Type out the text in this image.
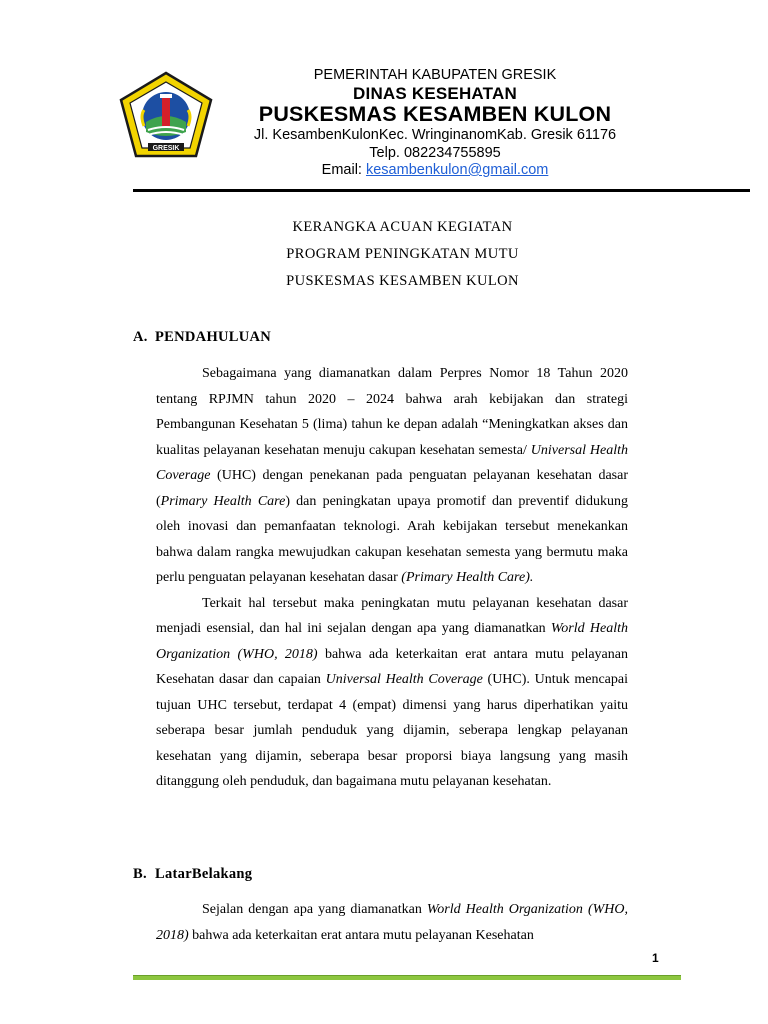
GRESIK
PEMERINTAH KABUPATEN GRESIK
DINAS KESEHATAN
PUSKESMAS KESAMBEN KULON
Jl. KesambenKulonKec. WringinanomKab. Gresik 61176
Telp. 082234755895
Email: kesambenkulon@gmail.com
KERANGKA ACUAN KEGIATAN
PROGRAM PENINGKATAN MUTU
PUSKESMAS KESAMBEN KULON
A. PENDAHULUAN

Sebagaimana yang diamanatkan dalam Perpres Nomor 18 Tahun 2020 tentang RPJMN tahun 2020 – 2024 bahwa arah kebijakan dan strategi Pembangunan Kesehatan 5 (lima) tahun ke depan adalah “Meningkatkan akses dan kualitas pelayanan kesehatan menuju cakupan kesehatan semesta/ Universal Health Coverage (UHC) dengan penekanan pada penguatan pelayanan kesehatan dasar (Primary Health Care) dan peningkatan upaya promotif dan preventif didukung oleh inovasi dan pemanfaatan teknologi. Arah kebijakan tersebut menekankan bahwa dalam rangka mewujudkan cakupan kesehatan semesta yang bermutu maka perlu penguatan pelayanan kesehatan dasar (Primary Health Care).

Terkait hal tersebut maka peningkatan mutu pelayanan kesehatan dasar menjadi esensial, dan hal ini sejalan dengan apa yang diamanatkan World Health Organization (WHO, 2018) bahwa ada keterkaitan erat antara mutu pelayanan Kesehatan dasar dan capaian Universal Health Coverage (UHC). Untuk mencapai tujuan UHC tersebut, terdapat 4 (empat) dimensi yang harus diperhatikan yaitu seberapa besar jumlah penduduk yang dijamin, seberapa lengkap pelayanan kesehatan yang dijamin, seberapa besar proporsi biaya langsung yang masih ditanggung oleh penduduk, dan bagaimana mutu pelayanan kesehatan.

B. LatarBelakang

Sejalan dengan apa yang diamanatkan World Health Organization (WHO, 2018) bahwa ada keterkaitan erat antara mutu pelayanan Kesehatan

1
